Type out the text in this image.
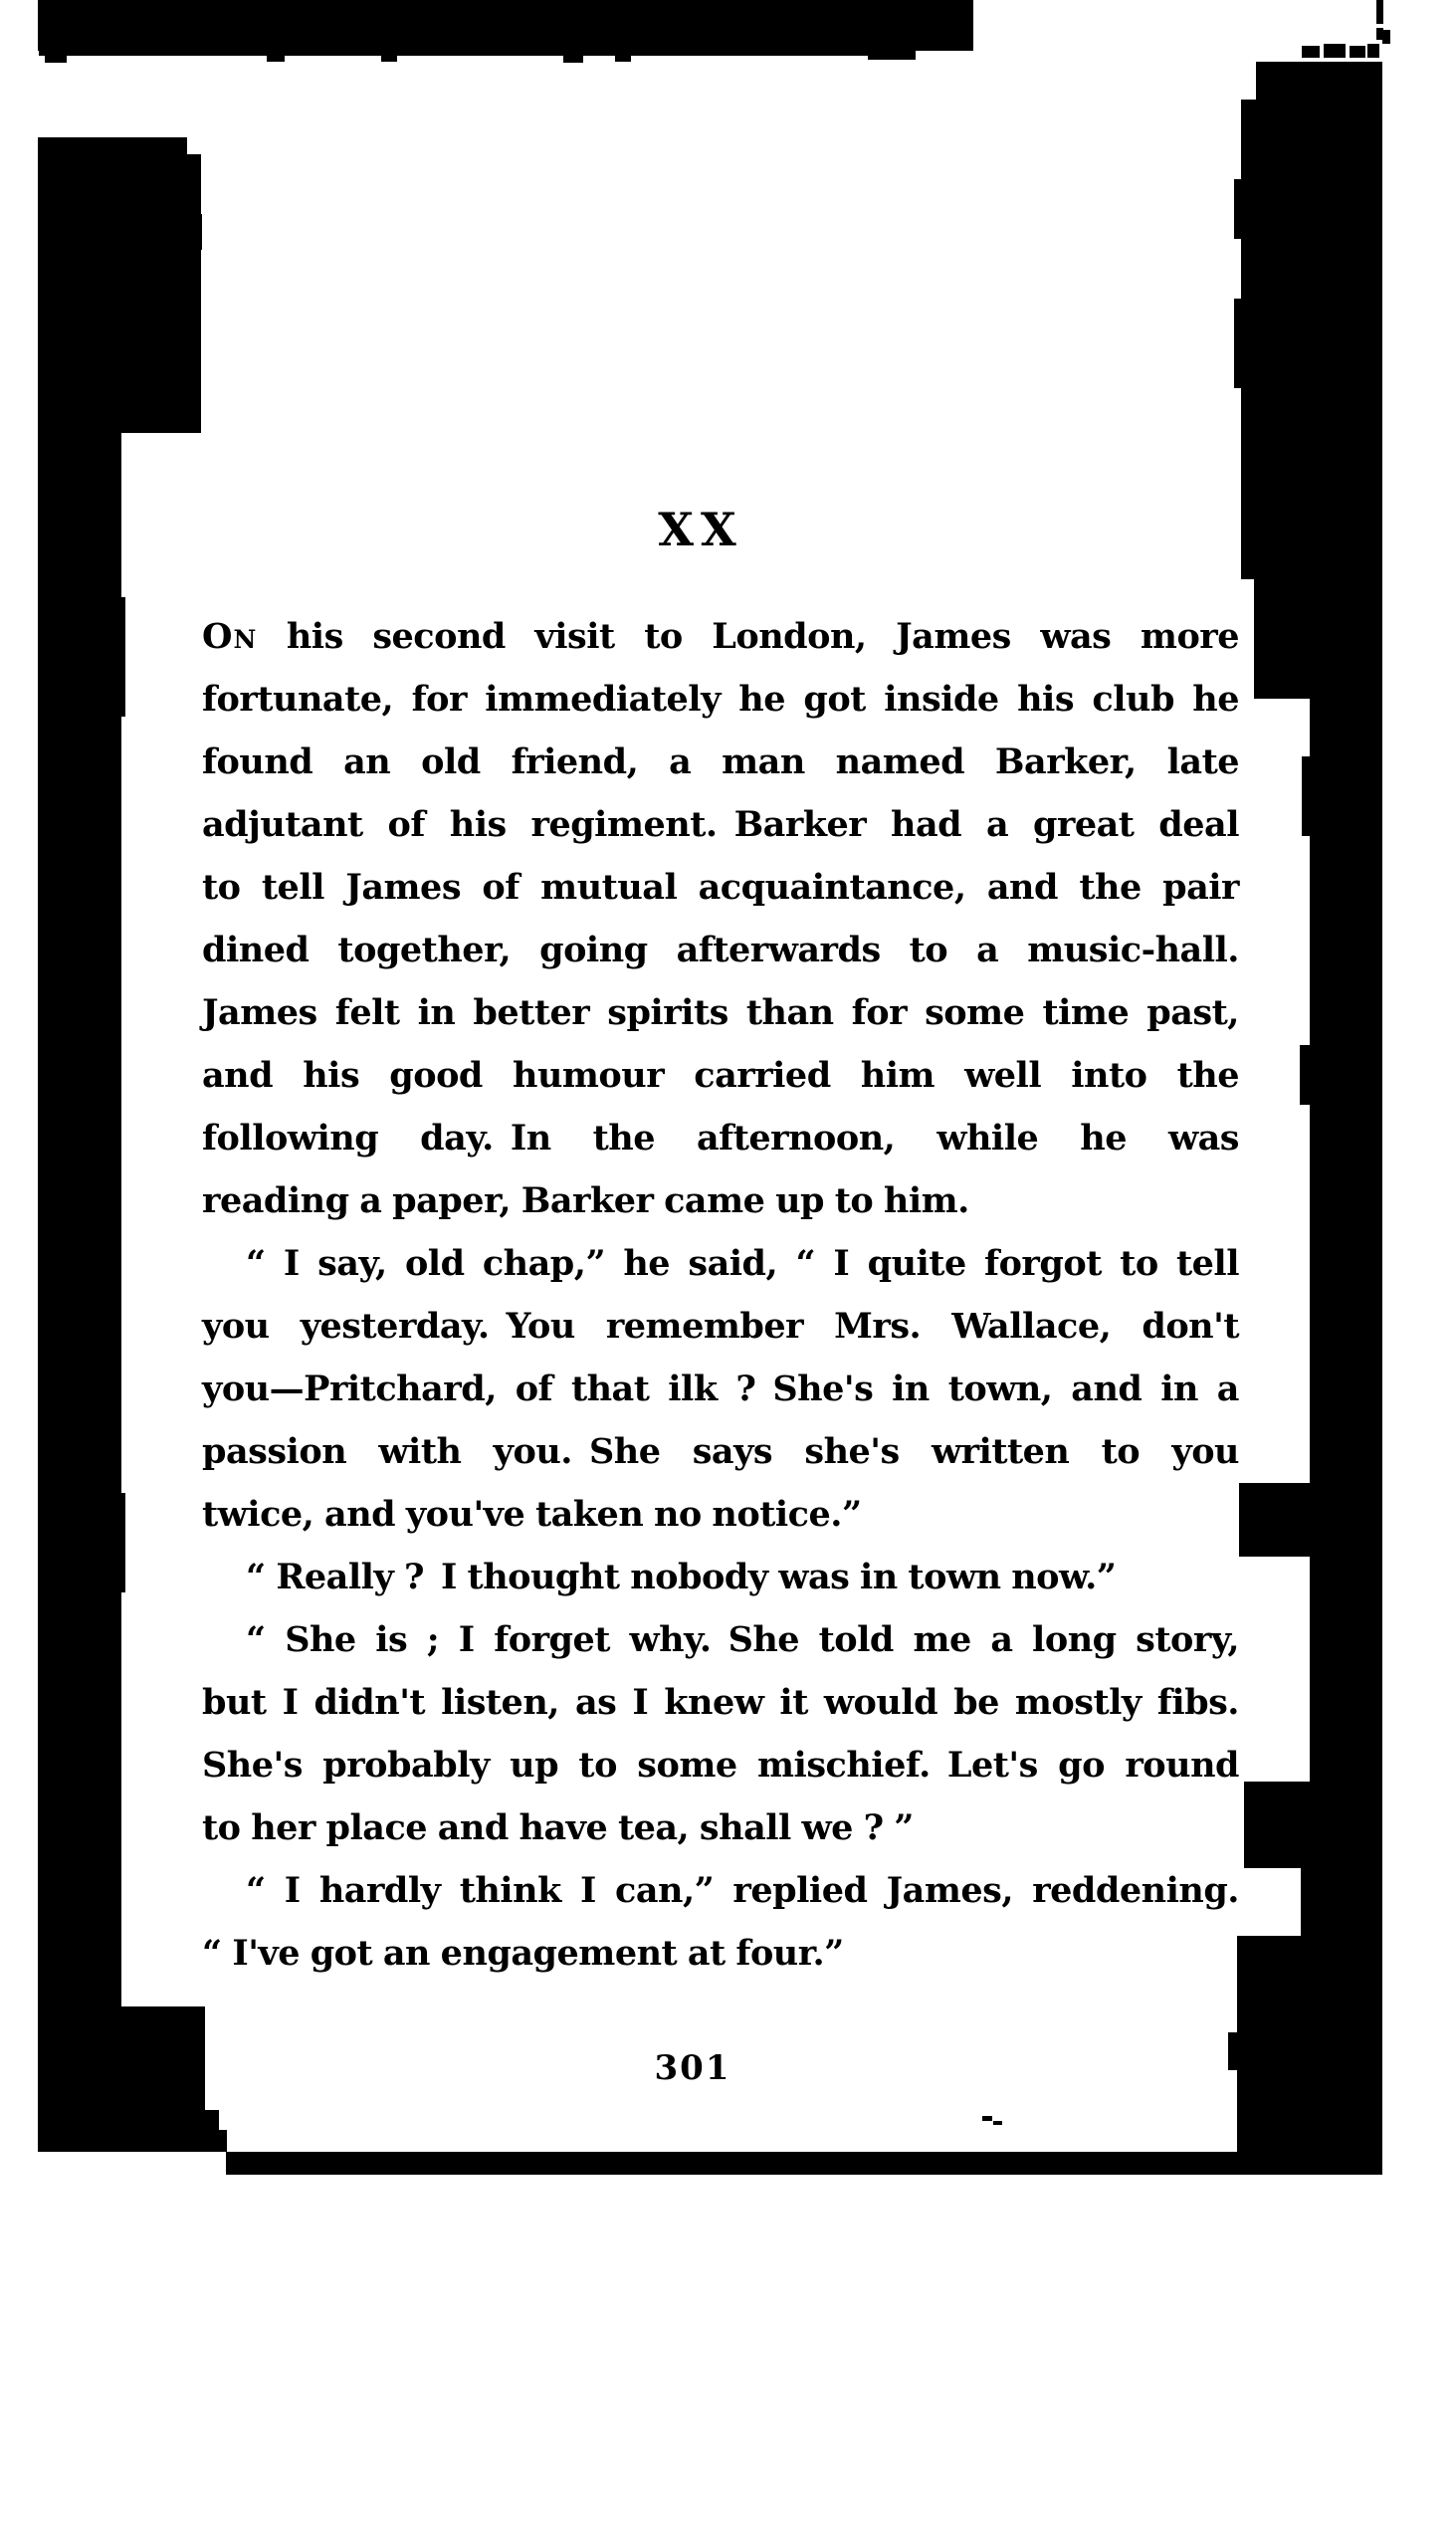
XX
On his second visit to London, James was more
fortunate, for immediately he got inside his club he
found an old friend, a man named Barker, late
adjutant of his regiment. Barker had a great deal
to tell James of mutual acquaintance, and the pair
dined together, going afterwards to a music-hall.
James felt in better spirits than for some time past,
and his good humour carried him well into the
following day. In the afternoon, while he was
reading a paper, Barker came up to him.
“ I say, old chap,” he said, “ I quite forgot to tell
you yesterday. You remember Mrs. Wallace, don't
you—Pritchard, of that ilk ? She's in town, and in a
passion with you. She says she's written to you
twice, and you've taken no notice.”
“ Really ? I thought nobody was in town now.”
“ She is ; I forget why. She told me a long story,
but I didn't listen, as I knew it would be mostly fibs.
She's probably up to some mischief. Let's go round
to her place and have tea, shall we ? ”
“ I hardly think I can,” replied James, reddening.
“ I've got an engagement at four.”
301
